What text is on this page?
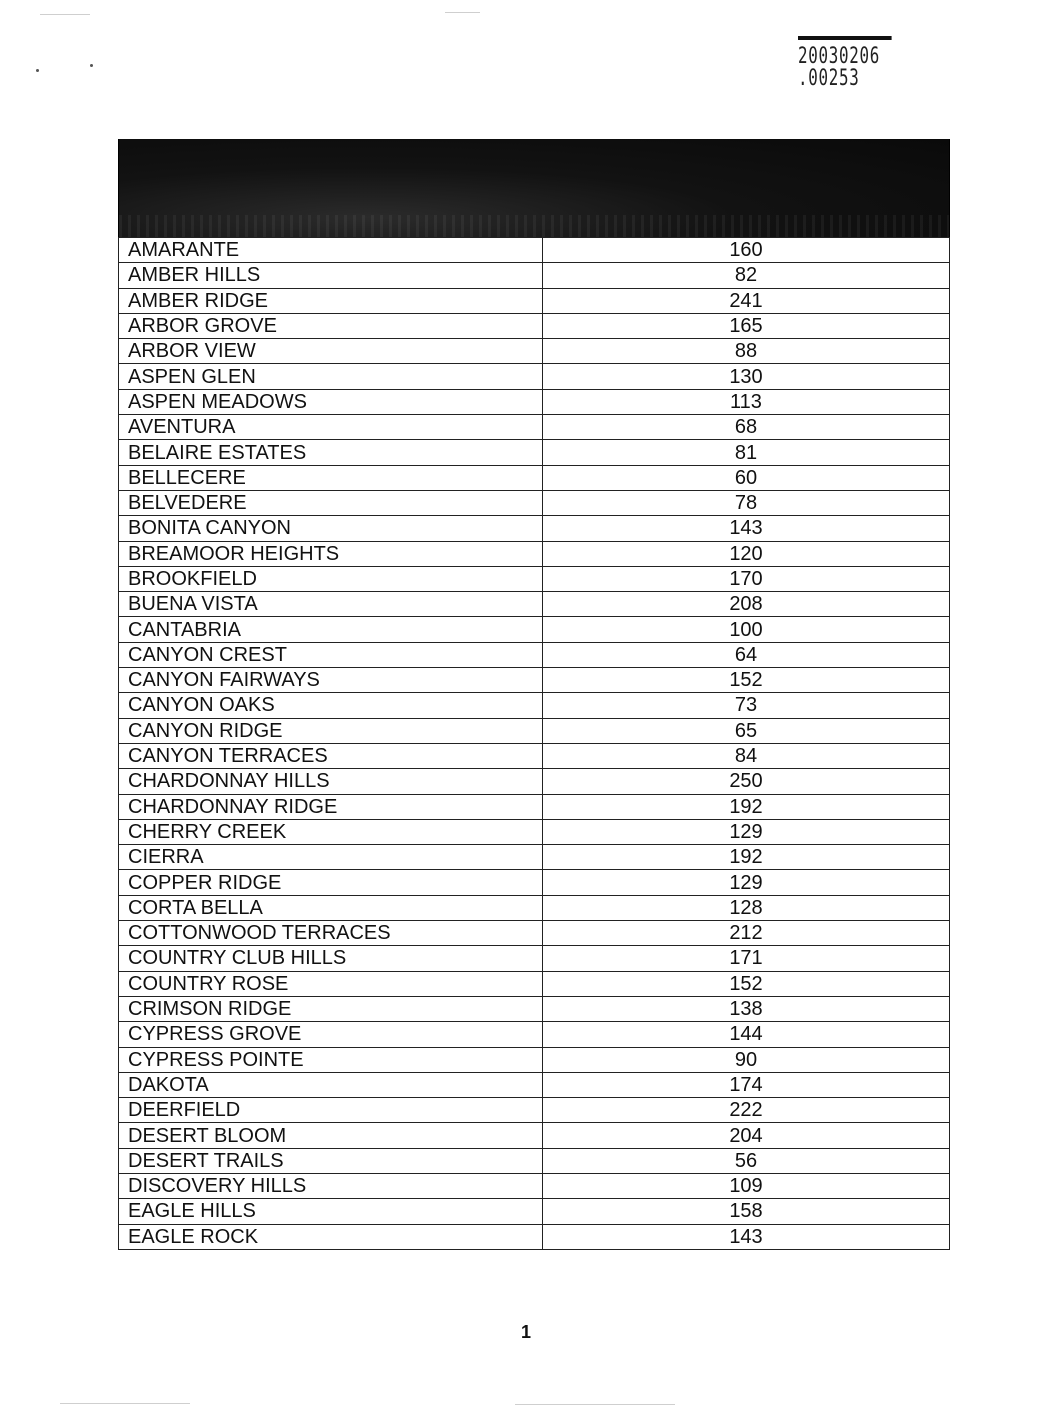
20030206
.00253
AMARANTE	160
AMBER HILLS	82
AMBER RIDGE	241
ARBOR GROVE	165
ARBOR VIEW	88
ASPEN GLEN	130
ASPEN MEADOWS	113
AVENTURA	68
BELAIRE ESTATES	81
BELLECERE	60
BELVEDERE	78
BONITA CANYON	143
BREAMOOR HEIGHTS	120
BROOKFIELD	170
BUENA VISTA	208
CANTABRIA	100
CANYON CREST	64
CANYON FAIRWAYS	152
CANYON OAKS	73
CANYON RIDGE	65
CANYON TERRACES	84
CHARDONNAY HILLS	250
CHARDONNAY RIDGE	192
CHERRY CREEK	129
CIERRA	192
COPPER RIDGE	129
CORTA BELLA	128
COTTONWOOD TERRACES	212
COUNTRY CLUB HILLS	171
COUNTRY ROSE	152
CRIMSON RIDGE	138
CYPRESS GROVE	144
CYPRESS POINTE	90
DAKOTA	174
DEERFIELD	222
DESERT BLOOM	204
DESERT TRAILS	56
DISCOVERY HILLS	109
EAGLE HILLS	158
EAGLE ROCK	143
1
